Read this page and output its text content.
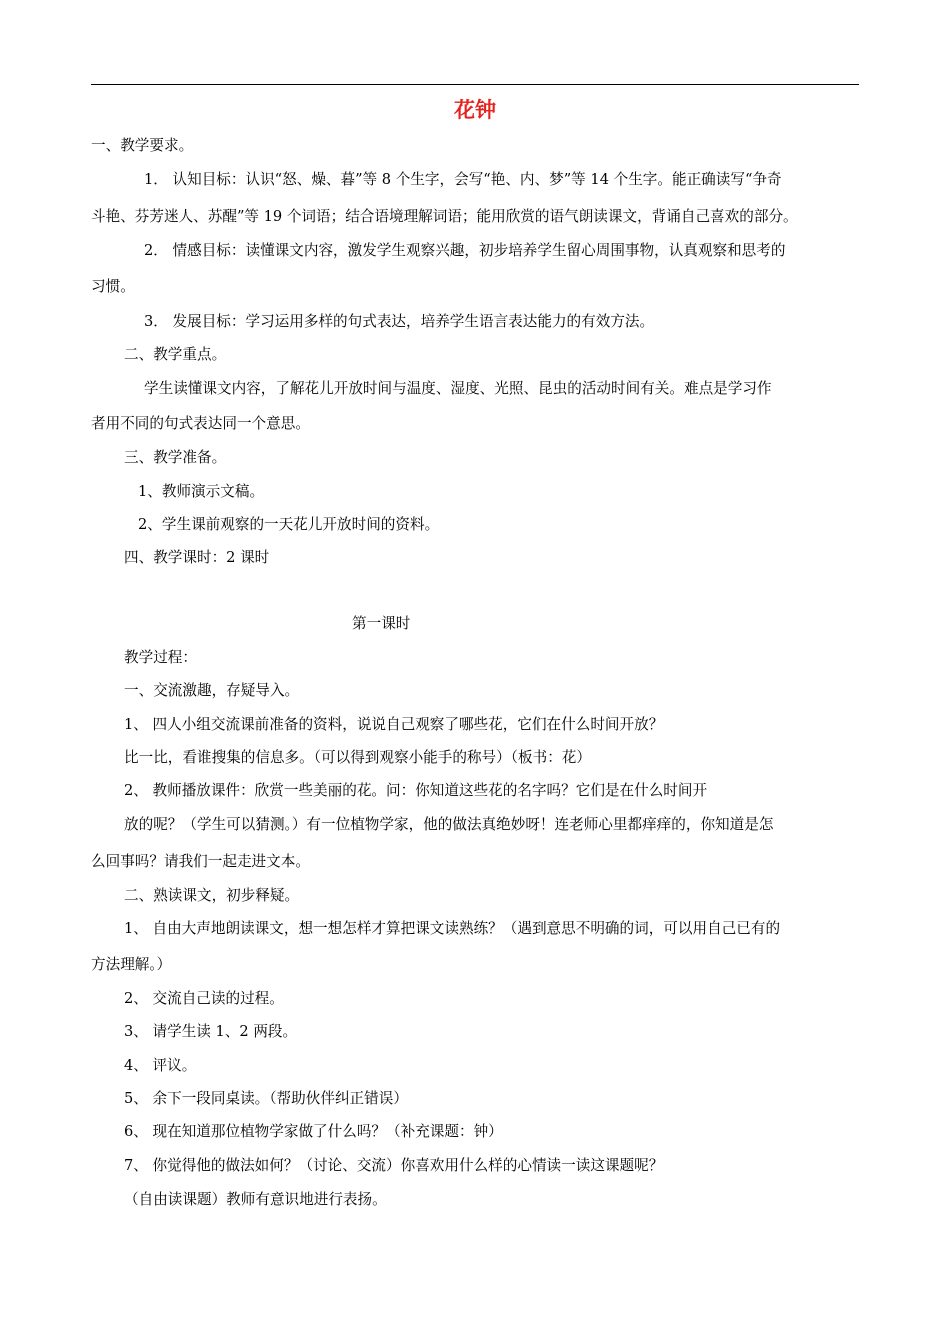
花钟
一、教学要求。
1． 认知目标：认识“怒、燥、暮”等 8 个生字，会写“艳、内、梦”等 14 个生字。能正确读写“争奇
斗艳、芬芳迷人、苏醒”等 19 个词语；结合语境理解词语；能用欣赏的语气朗读课文，背诵自己喜欢的部分。
2． 情感目标：读懂课文内容，激发学生观察兴趣，初步培养学生留心周围事物，认真观察和思考的
习惯。
3． 发展目标：学习运用多样的句式表达，培养学生语言表达能力的有效方法。
二、教学重点。
学生读懂课文内容，了解花儿开放时间与温度、湿度、光照、昆虫的活动时间有关。难点是学习作
者用不同的句式表达同一个意思。
三、教学准备。
1、教师演示文稿。
2、学生课前观察的一天花儿开放时间的资料。
四、教学课时：2 课时
第一课时
教学过程：
一、交流激趣，存疑导入。
1、 四人小组交流课前准备的资料，说说自己观察了哪些花，它们在什么时间开放？
比一比，看谁搜集的信息多。（可以得到观察小能手的称号）（板书：花）
2、 教师播放课件：欣赏一些美丽的花。问：你知道这些花的名字吗？它们是在什么时间开
放的呢？（学生可以猜测。）有一位植物学家，他的做法真绝妙呀！连老师心里都痒痒的，你知道是怎
么回事吗？请我们一起走进文本。
二、熟读课文，初步释疑。
1、 自由大声地朗读课文，想一想怎样才算把课文读熟练？（遇到意思不明确的词，可以用自己已有的
方法理解。）
2、 交流自己读的过程。
3、 请学生读 1、2 两段。
4、 评议。
5、 余下一段同桌读。（帮助伙伴纠正错误）
6、 现在知道那位植物学家做了什么吗？（补充课题：钟）
7、 你觉得他的做法如何？（讨论、交流）你喜欢用什么样的心情读一读这课题呢？
（自由读课题）教师有意识地进行表扬。
